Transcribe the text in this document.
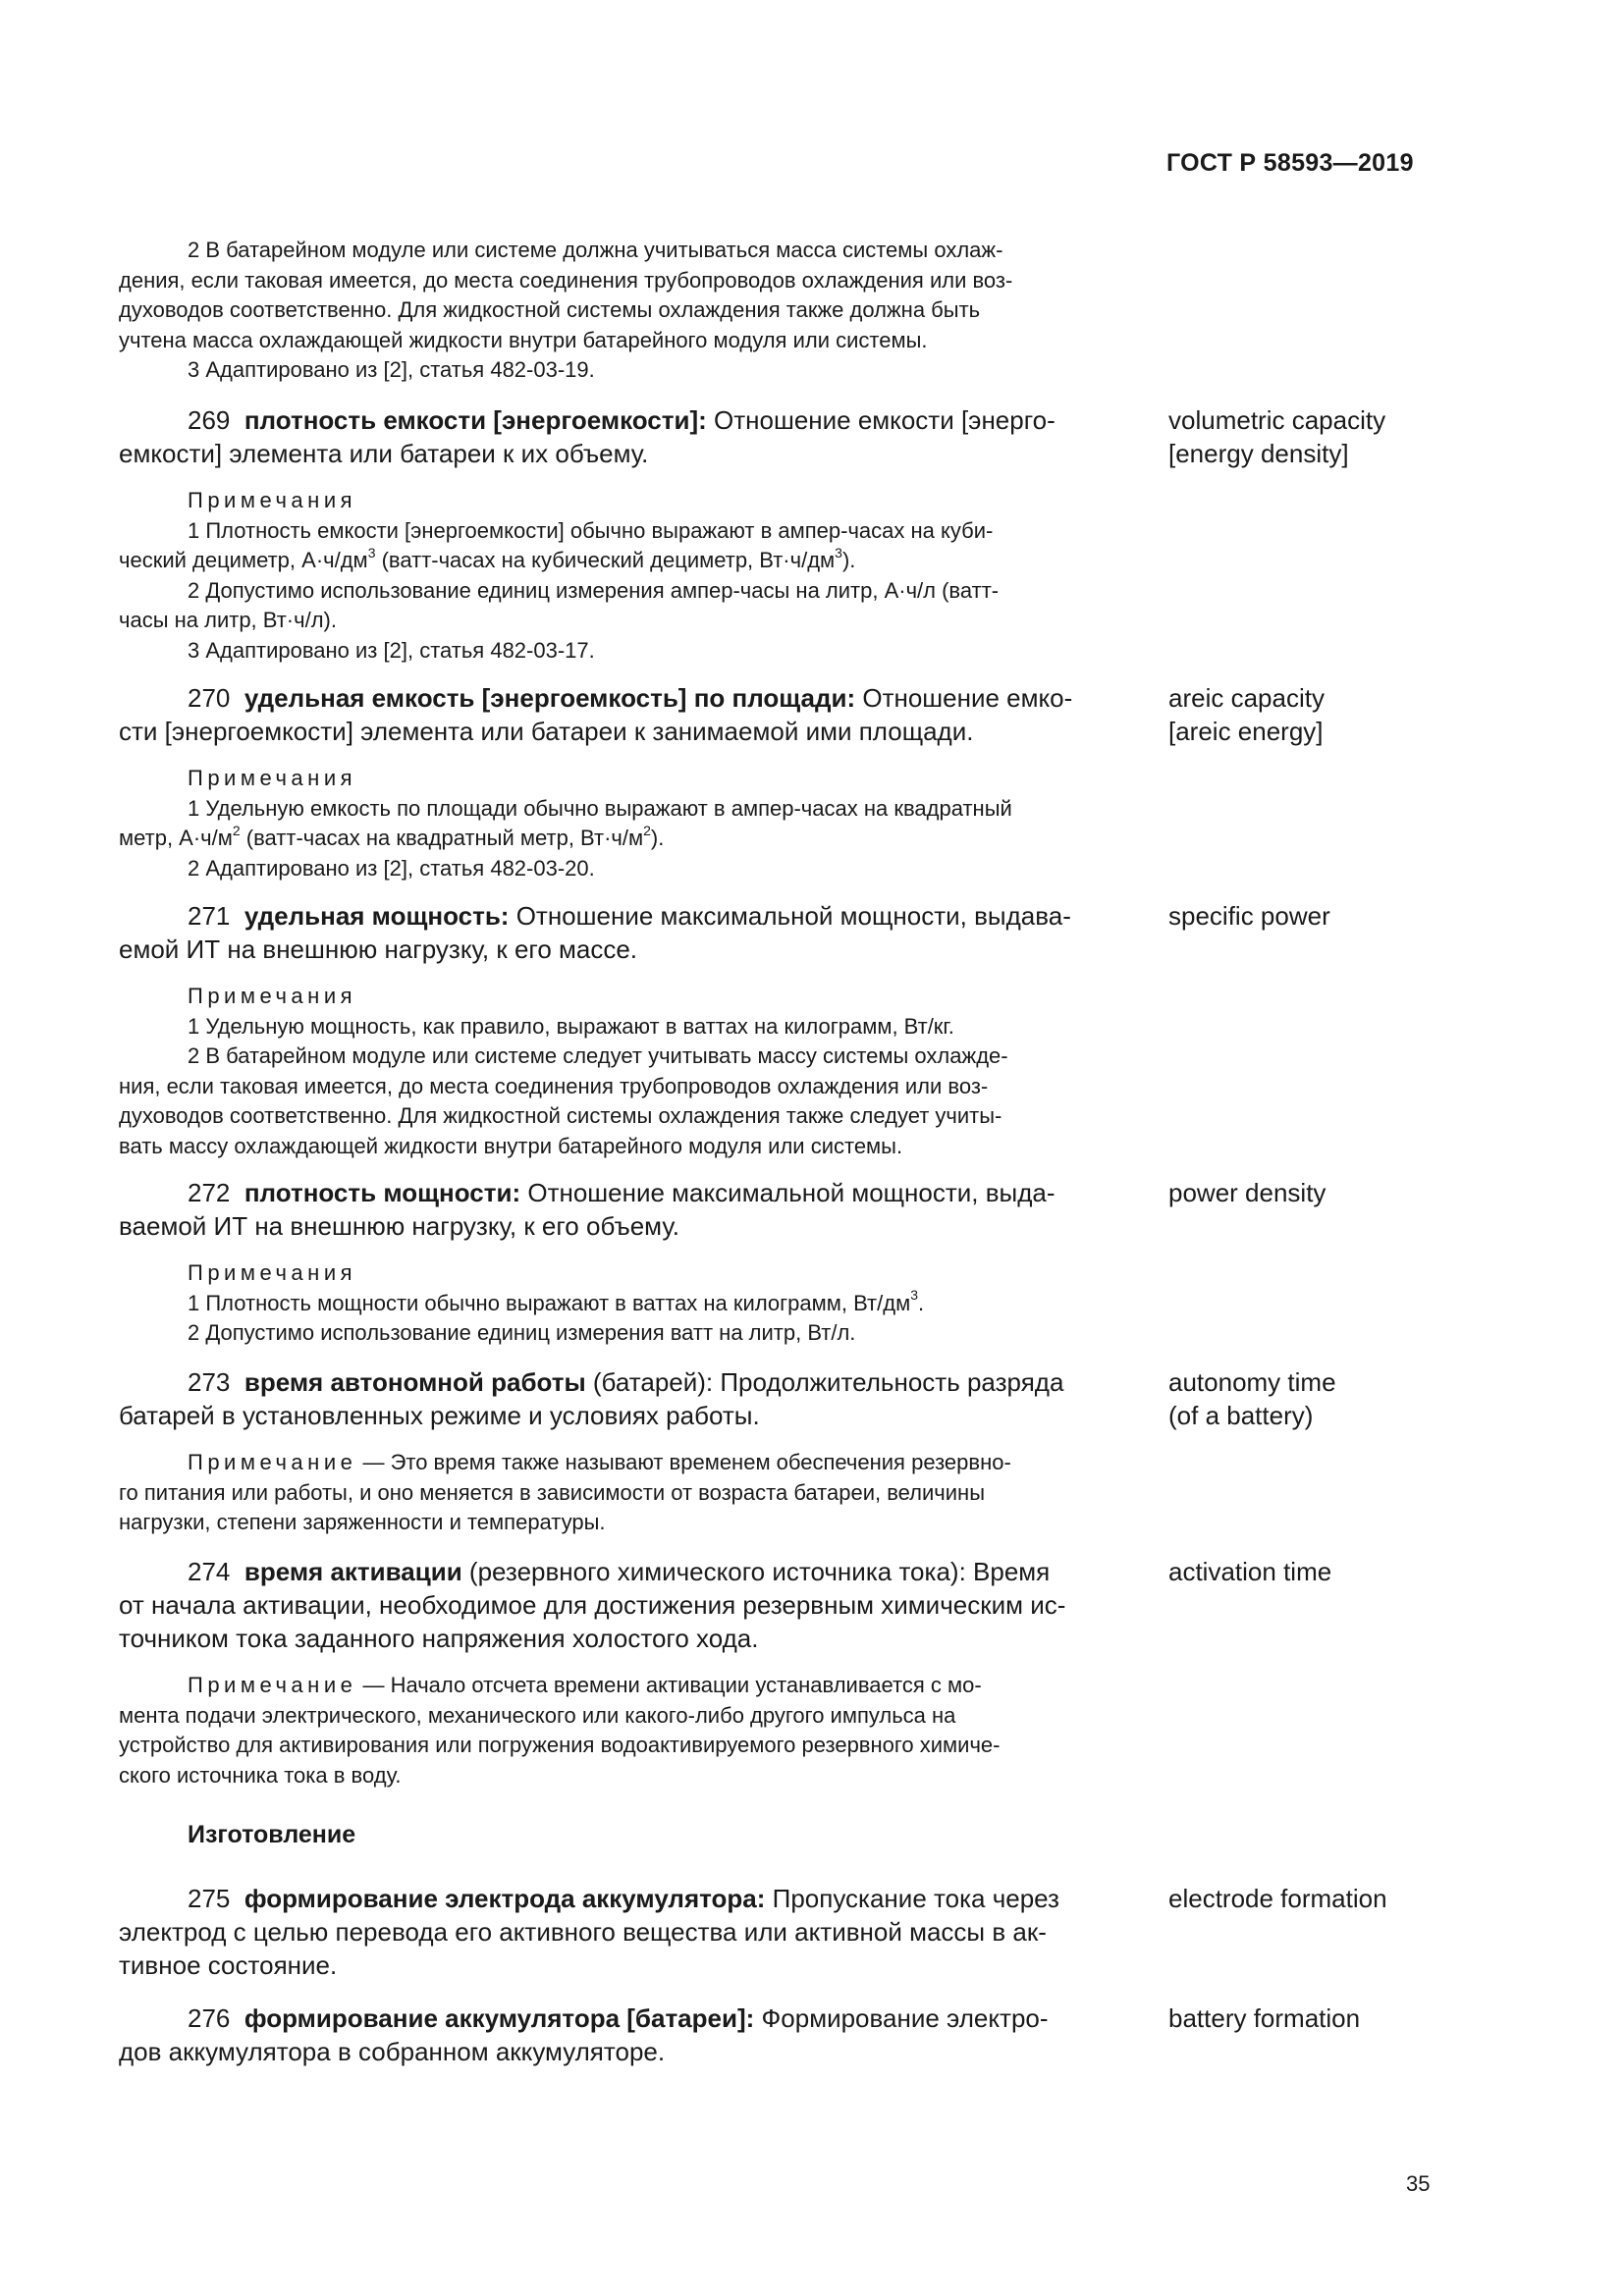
ГОСТ Р 58593—2019
2 В батарейном модуле или системе должна учитываться масса системы охлаж-
дения, если таковая имеется, до места соединения трубопроводов охлаждения или воз-
духоводов соответственно. Для жидкостной системы охлаждения также должна быть
учтена масса охлаждающей жидкости внутри батарейного модуля или системы.
3 Адаптировано из [2], статья 482-03-19.
269 плотность емкости [энергоемкости]: Отношение емкости [энерго-
емкости] элемента или батареи к их объему.
Примечания
1 Плотность емкости [энергоемкости] обычно выражают в ампер-часах на куби-
ческий дециметр, $А\cdot ч/дм^3$ (ватт-часах на кубический дециметр, $Вт\cdot ч/дм^3$).
2 Допустимо использование единиц измерения ампер-часы на литр, А·ч/л (ватт-
часы на литр, Вт·ч/л).
3 Адаптировано из [2], статья 482-03-17.
volumetric capacity
[energy density]
270 удельная емкость [энергоемкость] по площади: Отношение емко-
сти [энергоемкости] элемента или батареи к занимаемой ими площади.
Примечания
1 Удельную емкость по площади обычно выражают в ампер-часах на квадратный
метр, $А\cdot ч/м^2$ (ватт-часах на квадратный метр, $Вт\cdot ч/м^2$).
2 Адаптировано из [2], статья 482-03-20.
areic capacity
[areic energy]
271 удельная мощность: Отношение максимальной мощности, выдава-
емой ИТ на внешнюю нагрузку, к его массе.
Примечания
1 Удельную мощность, как правило, выражают в ваттах на килограмм, Вт/кг.
2 В батарейном модуле или системе следует учитывать массу системы охлажде-
ния, если таковая имеется, до места соединения трубопроводов охлаждения или воз-
духоводов соответственно. Для жидкостной системы охлаждения также следует учиты-
вать массу охлаждающей жидкости внутри батарейного модуля или системы.
specific power
272 плотность мощности: Отношение максимальной мощности, выда-
ваемой ИТ на внешнюю нагрузку, к его объему.
Примечания
1 Плотность мощности обычно выражают в ваттах на килограмм, $Вт/дм^3$.
2 Допустимо использование единиц измерения ватт на литр, Вт/л.
power density
273 время автономной работы (батарей): Продолжительность разряда
батарей в установленных режиме и условиях работы.
Примечание — Это время также называют временем обеспечения резервно-
го питания или работы, и оно меняется в зависимости от возраста батареи, величины
нагрузки, степени заряженности и температуры.
autonomy time
(of a battery)
274 время активации (резервного химического источника тока): Время
от начала активации, необходимое для достижения резервным химическим ис-
точником тока заданного напряжения холостого хода.
Примечание — Начало отсчета времени активации устанавливается с мо-
мента подачи электрического, механического или какого-либо другого импульса на
устройство для активирования или погружения водоактивируемого резервного химиче-
ского источника тока в воду.
activation time
Изготовление
275 формирование электрода аккумулятора: Пропускание тока через
электрод с целью перевода его активного вещества или активной массы в ак-
тивное состояние.
electrode formation
276 формирование аккумулятора [батареи]: Формирование электро-
дов аккумулятора в собранном аккумуляторе.
battery formation
35
